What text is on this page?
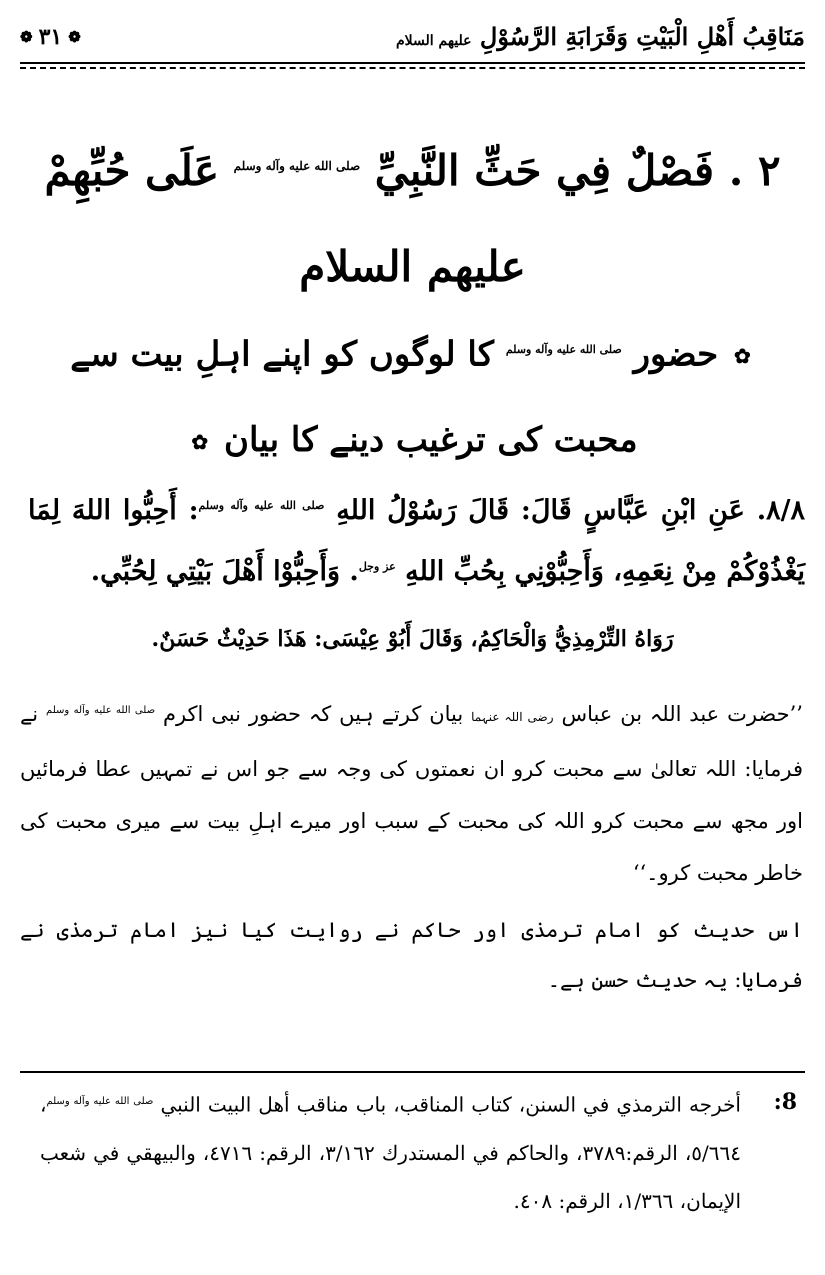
مَنَاقِبُ أَهْلِ الْبَيْتِ وَقَرَابَةِ الرَّسُوْلِ عليهم السلام
❁ ٣١ ❁
٢ . فَصْلٌ فِي حَثِّ النَّبِيِّ $^{صلى الله عليه وآله وسلم}$ عَلَى حُبِّهِمْ عليهم السلام
✿ حضور $^{صلى الله عليه وآله وسلم}$ کا لوگوں کو اپنے اہلِ بیت سے محبت کی ترغیب دینے کا بیان ✿
٨/٨. عَنِ ابْنِ عَبَّاسٍ قَالَ: قَالَ رَسُوْلُ اللهِ $^{صلى الله عليه وآله وسلم}$: أَحِبُّوا اللهَ لِمَا يَغْذُوْكُمْ مِنْ نِعَمِهِ، وَأَحِبُّوْنِي بِحُبِّ اللهِ $^{عز وجل}$. وَأَحِبُّوْا أَهْلَ بَيْتِي لِحُبِّي.
رَوَاهُ التِّرْمِذِيُّ وَالْحَاكِمُ، وَقَالَ أَبُوْ عِيْسَى: هَذَا حَدِيْثٌ حَسَنٌ.
’’حضرت عبد اللہ بن عباس رضی اللہ عنہما بیان کرتے ہیں کہ حضور نبی اکرم $^{صلى الله عليه وآله وسلم}$ نے فرمایا: اللہ تعالیٰ سے محبت کرو ان نعمتوں کی وجہ سے جو اس نے تمہیں عطا فرمائیں اور مجھ سے محبت کرو اللہ کی محبت کے سبب اور میرے اہلِ بیت سے میری محبت کی خاطر محبت کرو۔‘‘
اس حدیث کو امام ترمذی اور حاکم نے روایت کیا نیز امام ترمذی نے فرمایا: یہ حدیث حسن ہے۔
8:
أخرجه الترمذي في السنن، كتاب المناقب، باب مناقب أهل البيت النبي $^{صلى الله عليه وآله وسلم}$، ٥/٦٦٤، الرقم:٣٧٨٩، والحاكم في المستدرك ٣/١٦٢، الرقم: ٤٧١٦، والبيهقي في شعب الإيمان، ١/٣٦٦، الرقم: ٤٠٨.
